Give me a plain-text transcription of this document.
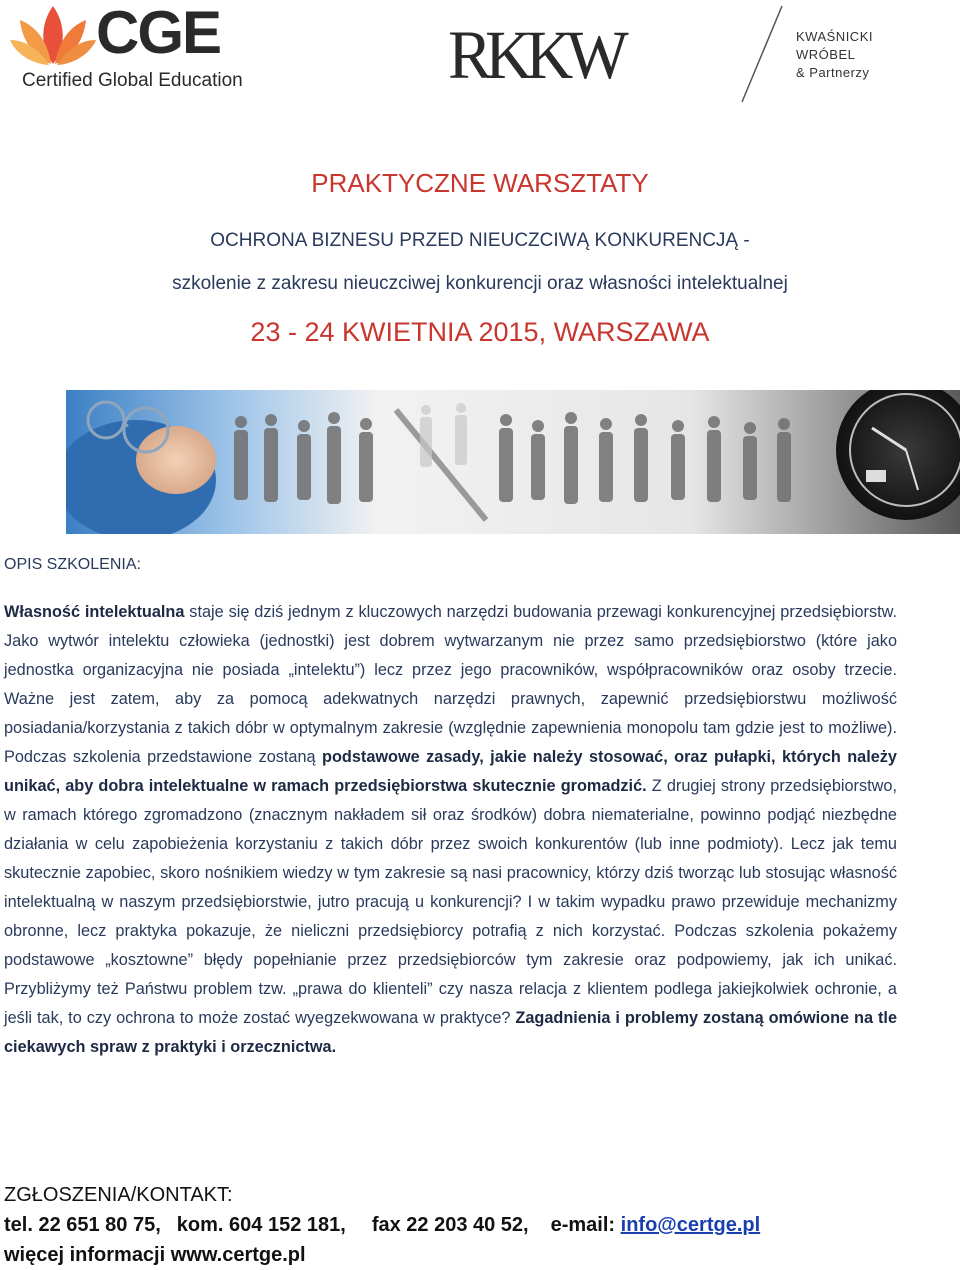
CGE
Certified Global Education	RKKW	KWAŚNICKI
WRÓBEL
& Partnerzy
PRAKTYCZNE WARSZTATY
OCHRONA BIZNESU PRZED NIEUCZCIWĄ KONKURENCJĄ -
szkolenie z zakresu nieuczciwej konkurencji oraz własności intelektualnej
23 - 24 KWIETNIA 2015, WARSZAWA
OPIS SZKOLENIA:

Własność intelektualna staje się dziś jednym z kluczowych narzędzi budowania przewagi konkurencyjnej przedsiębiorstw. Jako wytwór intelektu człowieka (jednostki) jest dobrem wytwarzanym nie przez samo przedsiębiorstwo (które jako jednostka organizacyjna nie posiada „intelektu”) lecz przez jego pracowników, współpracowników oraz osoby trzecie. Ważne jest zatem, aby za pomocą adekwatnych narzędzi prawnych, zapewnić przedsiębiorstwu możliwość posiadania/korzystania z takich dóbr w optymalnym zakresie (względnie zapewnienia monopolu tam gdzie jest to możliwe). Podczas szkolenia przedstawione zostaną podstawowe zasady, jakie należy stosować, oraz pułapki, których należy unikać, aby dobra intelektualne w ramach przedsiębiorstwa skutecznie gromadzić. Z drugiej strony przedsiębiorstwo, w ramach którego zgromadzono (znacznym nakładem sił oraz środków) dobra niematerialne, powinno podjąć niezbędne działania w celu zapobieżenia korzystaniu z takich dóbr przez swoich konkurentów (lub inne podmioty). Lecz jak temu skutecznie zapobiec, skoro nośnikiem wiedzy w tym zakresie są nasi pracownicy, którzy dziś tworząc lub stosując własność intelektualną w naszym przedsiębiorstwie, jutro pracują u konkurencji? I w takim wypadku prawo przewiduje mechanizmy obronne, lecz praktyka pokazuje, że nieliczni przedsiębiorcy potrafią z nich korzystać. Podczas szkolenia pokażemy podstawowe „kosztowne” błędy popełnianie przez przedsiębiorców tym zakresie oraz podpowiemy, jak ich unikać. Przybliżymy też Państwu problem tzw. „prawa do klienteli” czy nasza relacja z klientem podlega jakiejkolwiek ochronie, a jeśli tak, to czy ochrona to może zostać wyegzekwowana w praktyce? Zagadnienia i problemy zostaną omówione na tle ciekawych spraw z praktyki i orzecznictwa.

ZGŁOSZENIA/KONTAKT:
tel. 22 651 80 75, kom. 604 152 181, fax 22 203 40 52, e-mail: info@certge.pl
więcej informacji www.certge.pl
